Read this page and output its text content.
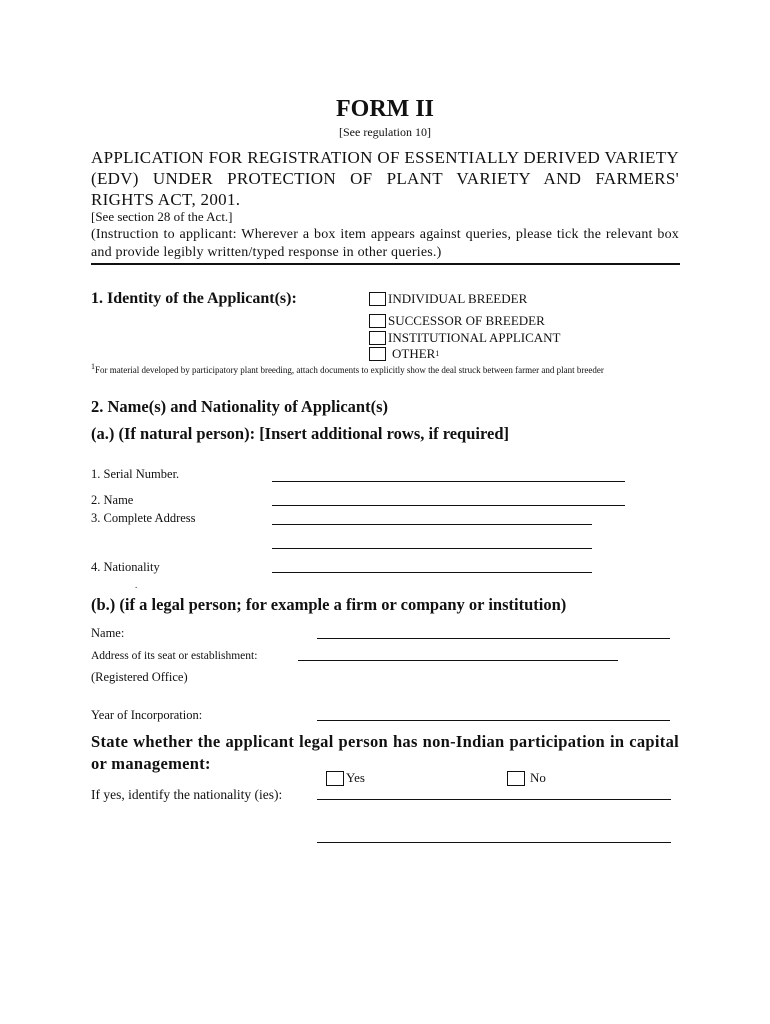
FORM II
[See regulation 10]
APPLICATION FOR REGISTRATION OF ESSENTIALLY DERIVED VARIETY (EDV) UNDER PROTECTION OF PLANT VARIETY AND FARMERS' RIGHTS ACT, 2001.
[See section 28 of the Act.]
(Instruction to applicant: Wherever a box item appears against queries, please tick the relevant box and provide legibly written/typed response in other queries.)
1. Identity of the Applicant(s):	INDIVIDUAL BREEDER
SUCCESSOR OF BREEDER
INSTITUTIONAL APPLICANT
OTHER 1
$^1$For material developed by participatory plant breeding, attach documents to explicitly show the deal struck between farmer and plant breeder
2. Name(s) and Nationality of Applicant(s)
(a.) (If natural person): [Insert additional rows, if required]
1. Serial Number.
2. Name
3. Complete Address
4. Nationality
.
(b.) (if a legal person; for example a firm or company or institution)
Name:
Address of its seat or establishment:
(Registered Office)
Year of Incorporation:
State whether the applicant legal person has non-Indian participation in capital or management:
Yes	No
If yes, identify the nationality (ies):
